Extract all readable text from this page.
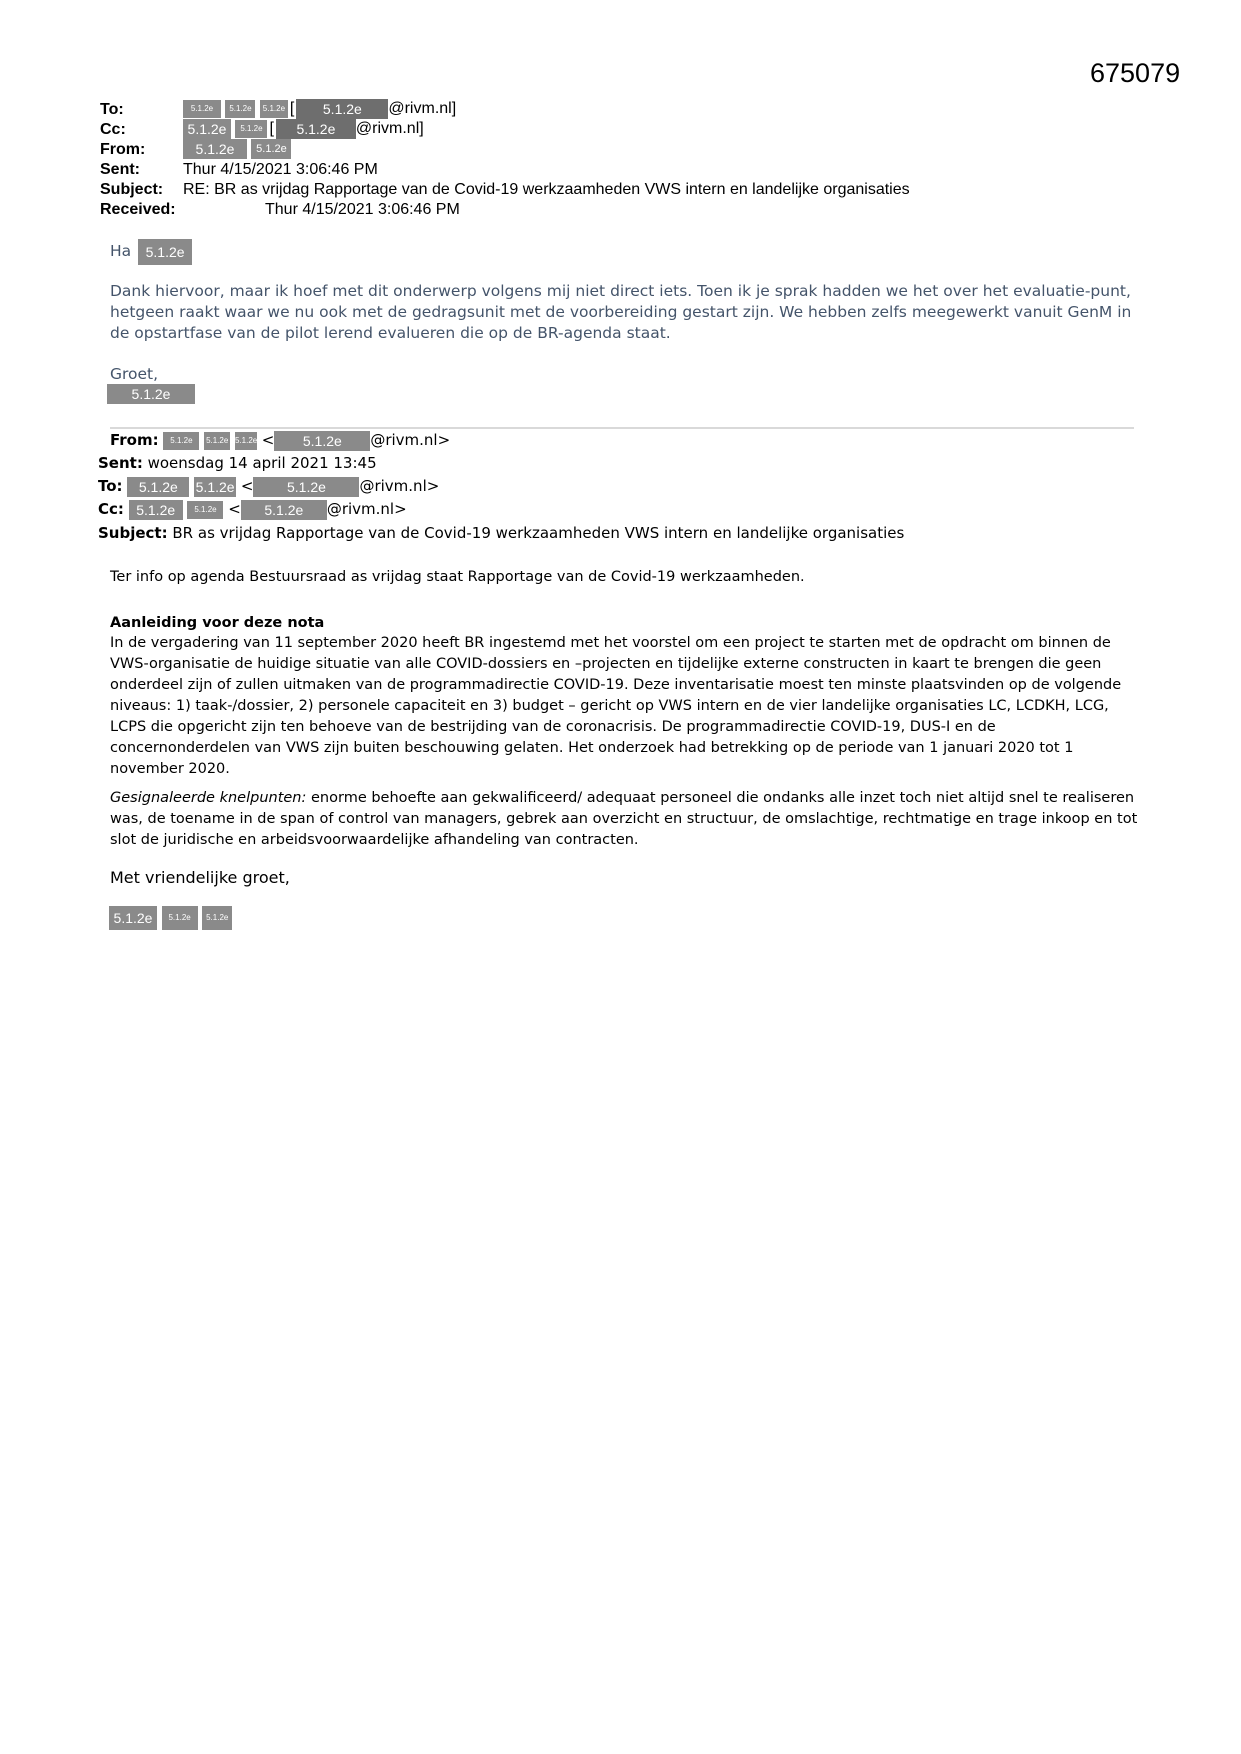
675079
To:	5.1.2e 5.1.2e 5.1.2e [ 5.1.2e @rivm.nl]
Cc:	5.1.2e 5.1.2e [ 5.1.2e @rivm.nl]
From:	5.1.2e 5.1.2e
Sent:	Thur 4/15/2021 3:06:46 PM
Subject: RE: BR as vrijdag Rapportage van de Covid-19 werkzaamheden VWS intern en landelijke organisaties
Received:	Thur 4/15/2021 3:06:46 PM
Ha 5.1.2e
Dank hiervoor, maar ik hoef met dit onderwerp volgens mij niet direct iets. Toen ik je sprak hadden we het over het evaluatie-punt, hetgeen raakt waar we nu ook met de gedragsunit met de voorbereiding gestart zijn. We hebben zelfs meegewerkt vanuit GenM in de opstartfase van de pilot lerend evalueren die op de BR-agenda staat.
Groet,
5.1.2e
From: 5.1.2e 5.1.2e 5.1.2e < 5.1.2e @rivm.nl>
Sent: woensdag 14 april 2021 13:45
To: 5.1.2e 5.1.2e < 5.1.2e @rivm.nl>
Cc: 5.1.2e 5.1.2e < 5.1.2e @rivm.nl>
Subject: BR as vrijdag Rapportage van de Covid-19 werkzaamheden VWS intern en landelijke organisaties
Ter info op agenda Bestuursraad as vrijdag staat Rapportage van de Covid-19 werkzaamheden.
Aanleiding voor deze nota
In de vergadering van 11 september 2020 heeft BR ingestemd met het voorstel om een project te starten met de opdracht om binnen de VWS-organisatie de huidige situatie van alle COVID-dossiers en –projecten en tijdelijke externe constructen in kaart te brengen die geen onderdeel zijn of zullen uitmaken van de programmadirectie COVID-19. Deze inventarisatie moest ten minste plaatsvinden op de volgende niveaus: 1) taak-/dossier, 2) personele capaciteit en 3) budget – gericht op VWS intern en de vier landelijke organisaties LC, LCDKH, LCG, LCPS die opgericht zijn ten behoeve van de bestrijding van de coronacrisis. De programmadirectie COVID-19, DUS-I en de concernonderdelen van VWS zijn buiten beschouwing gelaten. Het onderzoek had betrekking op de periode van 1 januari 2020 tot 1 november 2020.
Gesignaleerde knelpunten: enorme behoefte aan gekwalificeerd/ adequaat personeel die ondanks alle inzet toch niet altijd snel te realiseren was, de toename in de span of control van managers, gebrek aan overzicht en structuur, de omslachtige, rechtmatige en trage inkoop en tot slot de juridische en arbeidsvoorwaardelijke afhandeling van contracten.
Met vriendelijke groet,
5.1.2e 5.1.2e 5.1.2e
